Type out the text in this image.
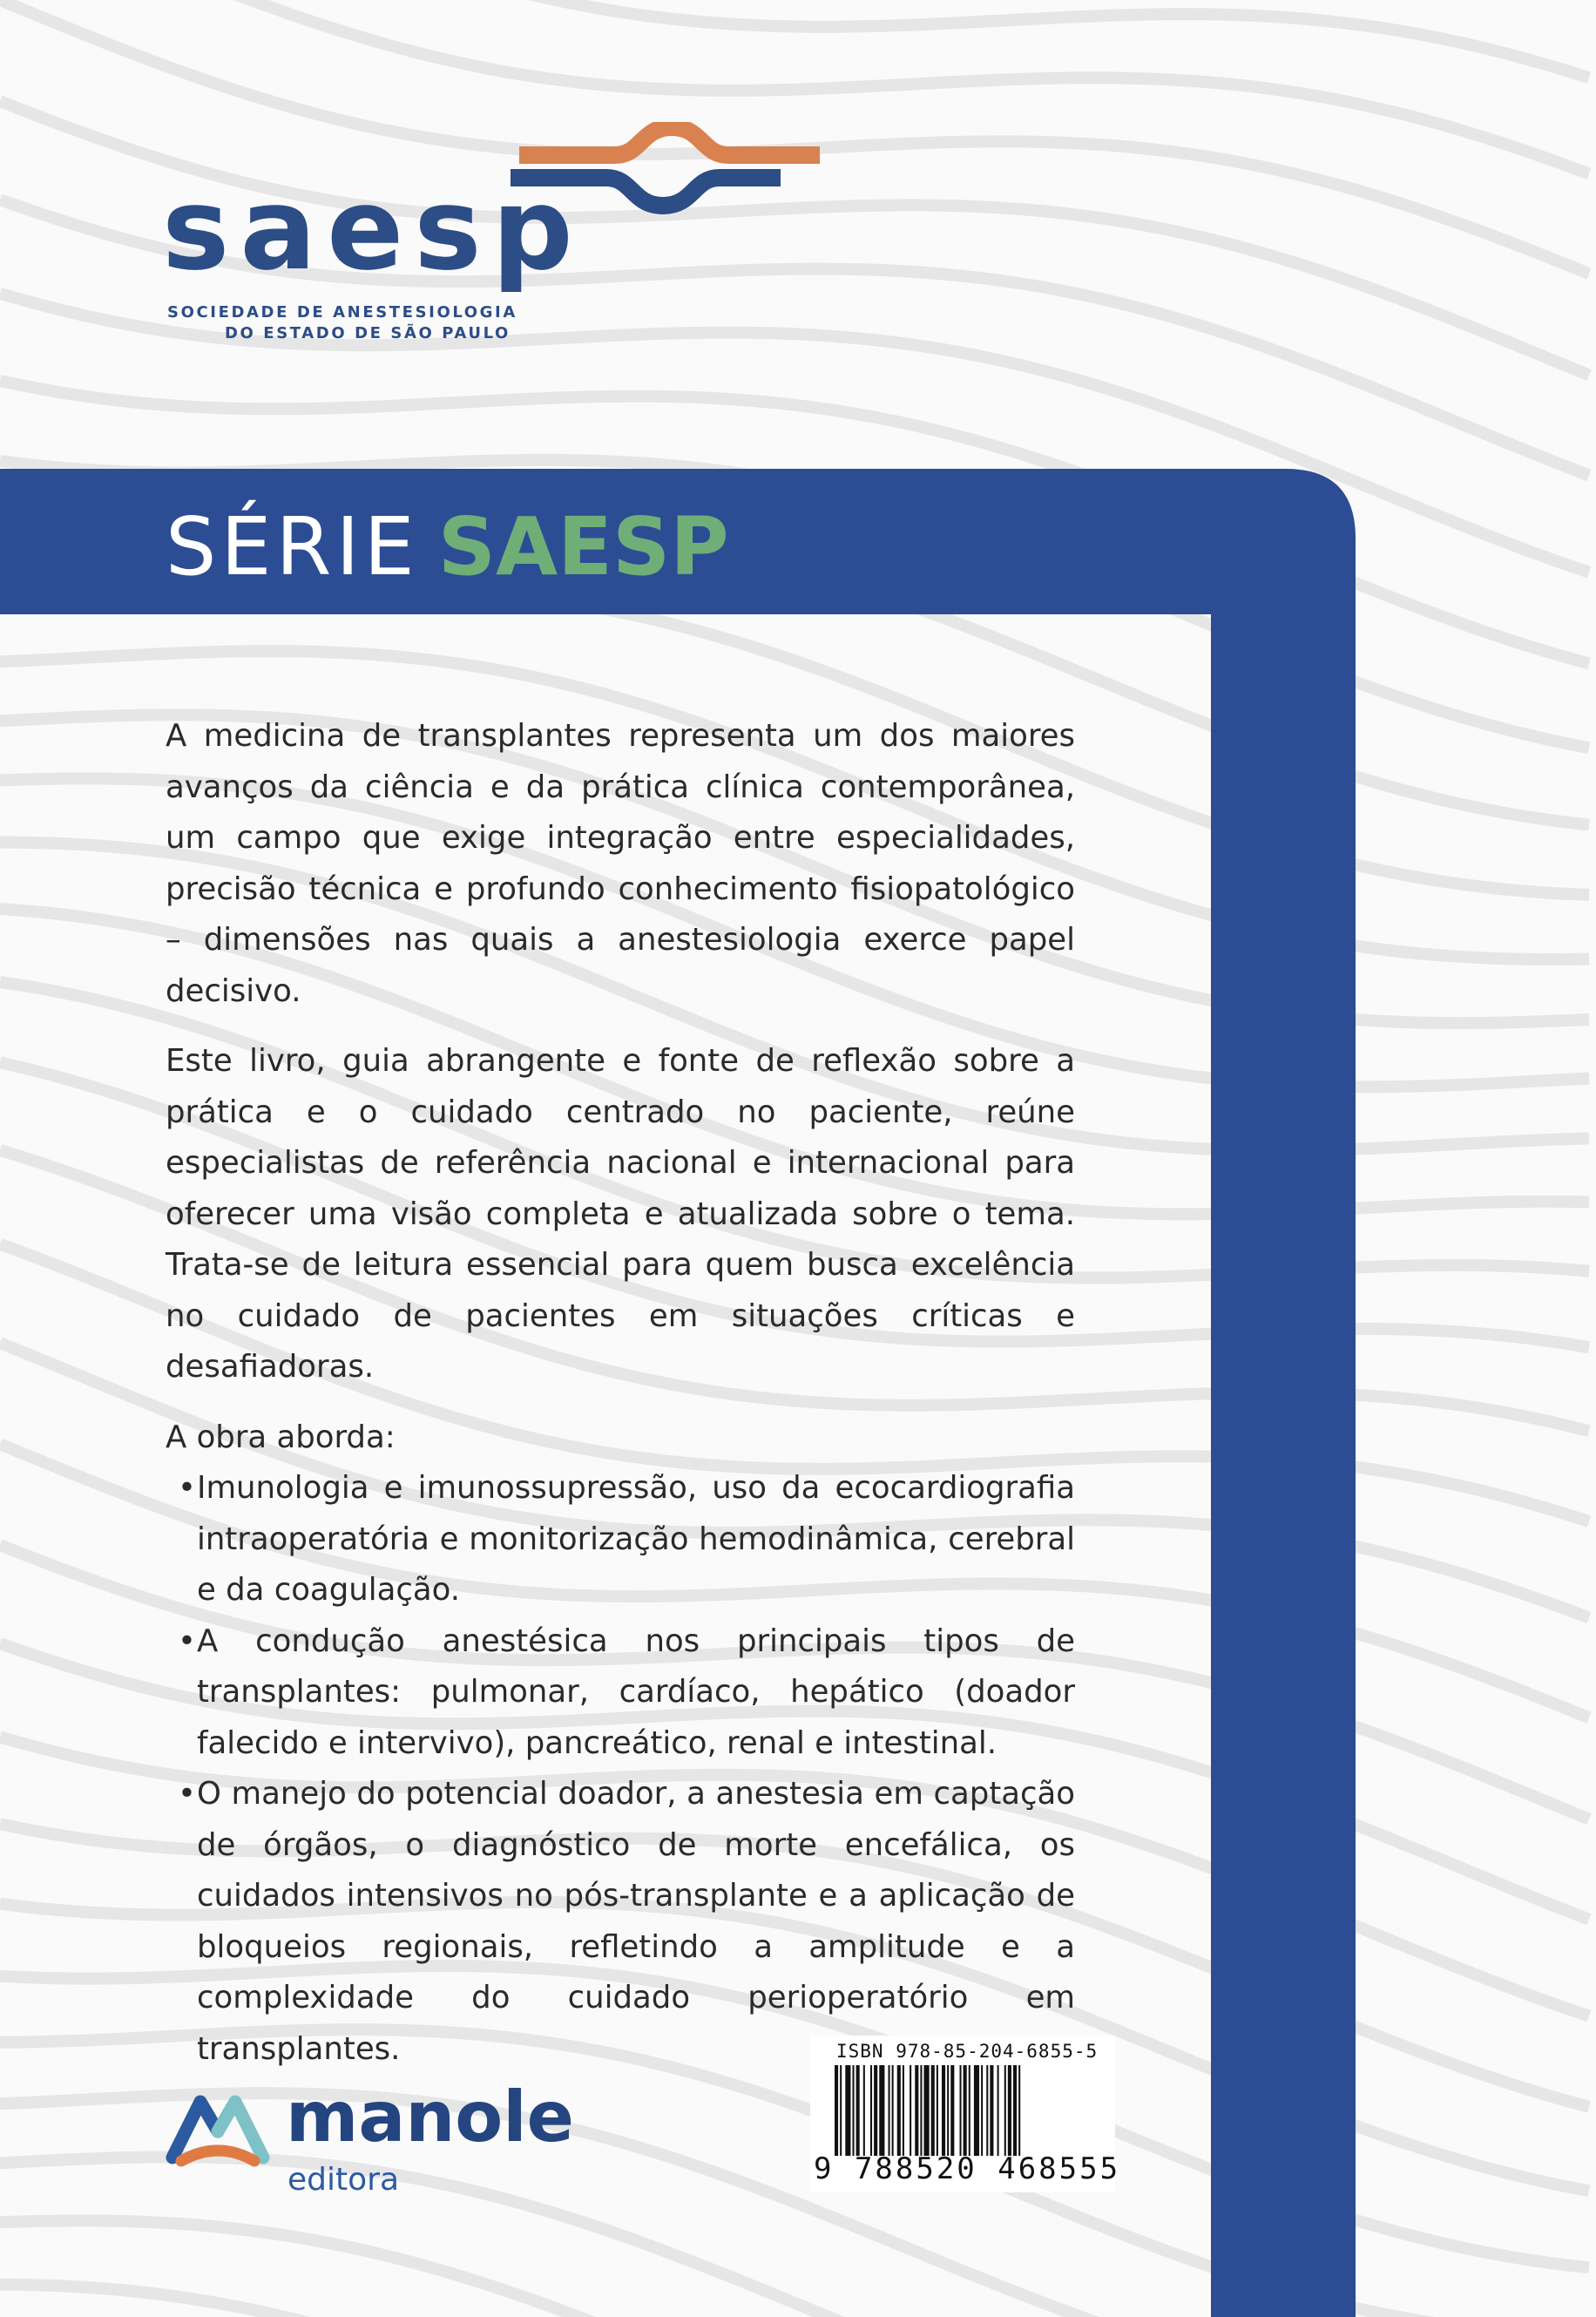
saesp
SOCIEDADE DE ANESTESIOLOGIA
DO ESTADO DE SÃO PAULO
SÉRIE SAESP

A medicina de transplantes representa um dos maiores avanços da ciência e da prática clínica contemporânea, um campo que exige integração entre especialidades, precisão técnica e profundo conhecimento fisiopatológico – dimensões nas quais a anestesiologia exerce papel decisivo.

Este livro, guia abrangente e fonte de reflexão sobre a prática e o cuidado centrado no paciente, reúne especialistas de referência nacional e internacional para oferecer uma visão completa e atualizada sobre o tema. Trata-se de leitura essencial para quem busca excelência no cuidado de pacientes em situações críticas e desafiadoras.

A obra aborda:

• Imunologia e imunossupressão, uso da ecocardiografia intraoperatória e monitorização hemodinâmica, cerebral e da coagulação.
• A condução anestésica nos principais tipos de transplantes: pulmonar, cardíaco, hepático (doador falecido e intervivo), pancreático, renal e intestinal.
• O manejo do potencial doador, a anestesia em captação de órgãos, o diagnóstico de morte encefálica, os cuidados intensivos no pós-transplante e a aplicação de bloqueios regionais, refletindo a amplitude e a complexidade do cuidado perioperatório em transplantes.
manole
editora
ISBN 978-85-204-6855-5
9 788520 468555
